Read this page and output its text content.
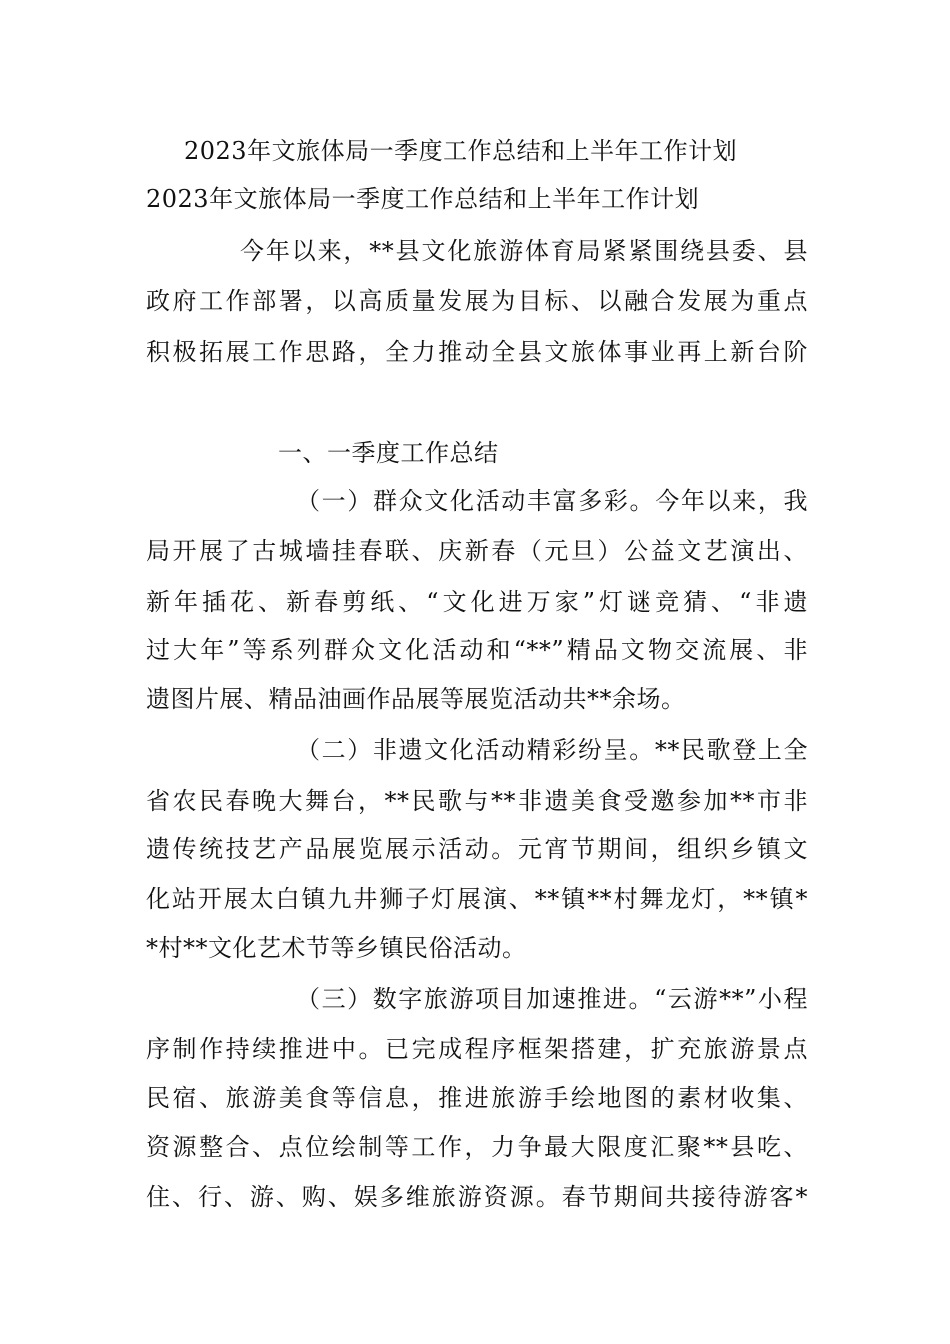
2023年文旅体局一季度工作总结和上半年工作计划
2023年文旅体局一季度工作总结和上半年工作计划
今年以来，**县文化旅游体育局紧紧围绕县委、县
政府工作部署，以高质量发展为目标、以融合发展为重点
积极拓展工作思路，全力推动全县文旅体事业再上新台阶
一、一季度工作总结
（一）群众文化活动丰富多彩。今年以来，我
局开展了古城墙挂春联、庆新春（元旦）公益文艺演出、
新年插花、新春剪纸、“文化进万家”灯谜竞猜、“非遗
过大年”等系列群众文化活动和“**”精品文物交流展、非
遗图片展、精品油画作品展等展览活动共**余场。
（二）非遗文化活动精彩纷呈。**民歌登上全
省农民春晚大舞台，**民歌与**非遗美食受邀参加**市非
遗传统技艺产品展览展示活动。元宵节期间，组织乡镇文
化站开展太白镇九井狮子灯展演、**镇**村舞龙灯，**镇*
*村**文化艺术节等乡镇民俗活动。
（三）数字旅游项目加速推进。“云游**”小程
序制作持续推进中。已完成程序框架搭建，扩充旅游景点
民宿、旅游美食等信息，推进旅游手绘地图的素材收集、
资源整合、点位绘制等工作，力争最大限度汇聚**县吃、
住、行、游、购、娱多维旅游资源。春节期间共接待游客*
